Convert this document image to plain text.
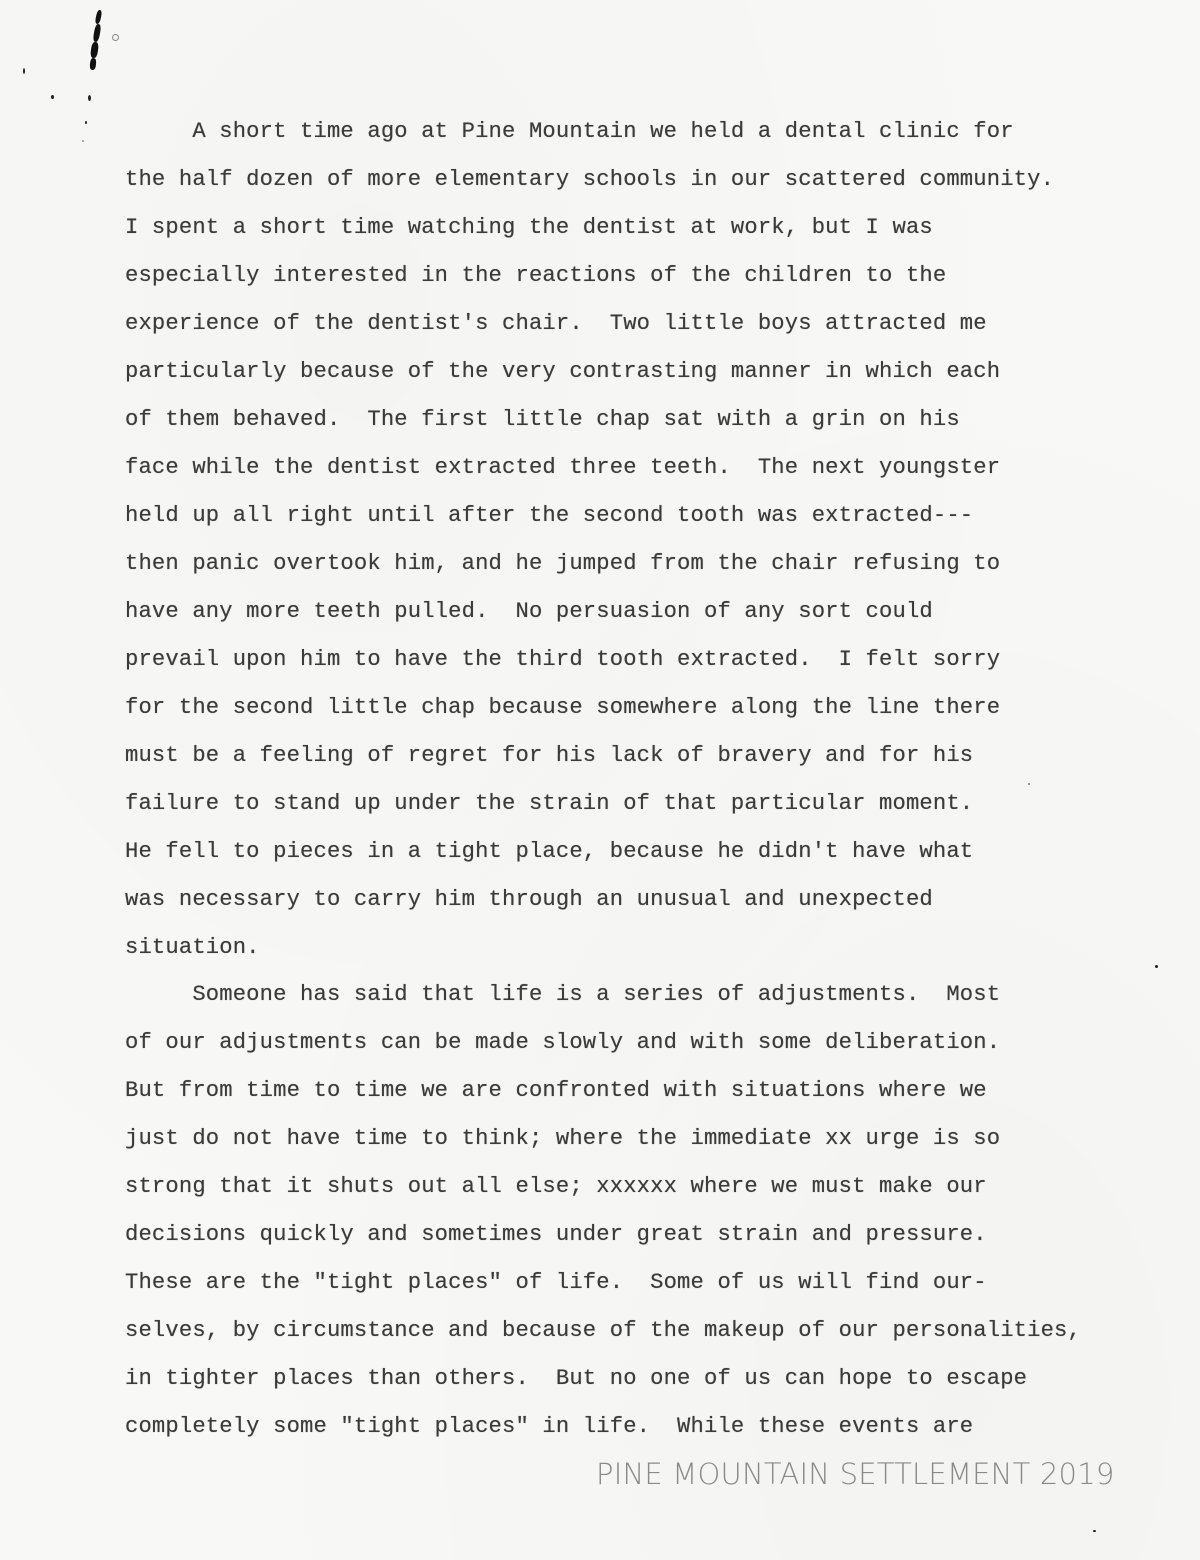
A short time ago at Pine Mountain we held a dental clinic for
the half dozen of more elementary schools in our scattered community.
I spent a short time watching the dentist at work, but I was
especially interested in the reactions of the children to the
experience of the dentist's chair.  Two little boys attracted me
particularly because of the very contrasting manner in which each
of them behaved.  The first little chap sat with a grin on his
face while the dentist extracted three teeth.  The next youngster
held up all right until after the second tooth was extracted---
then panic overtook him, and he jumped from the chair refusing to
have any more teeth pulled.  No persuasion of any sort could
prevail upon him to have the third tooth extracted.  I felt sorry
for the second little chap because somewhere along the line there
must be a feeling of regret for his lack of bravery and for his
failure to stand up under the strain of that particular moment.
He fell to pieces in a tight place, because he didn't have what
was necessary to carry him through an unusual and unexpected
situation.
Someone has said that life is a series of adjustments.  Most
of our adjustments can be made slowly and with some deliberation.
But from time to time we are confronted with situations where we
just do not have time to think; where the immediate xx urge is so
strong that it shuts out all else; xxxxxx where we must make our
decisions quickly and sometimes under great strain and pressure.
These are the "tight places" of life.  Some of us will find our-
selves, by circumstance and because of the makeup of our personalities,
in tighter places than others.  But no one of us can hope to escape
completely some "tight places" in life.  While these events are
PINE MOUNTAIN SETTLEMENT 2019
